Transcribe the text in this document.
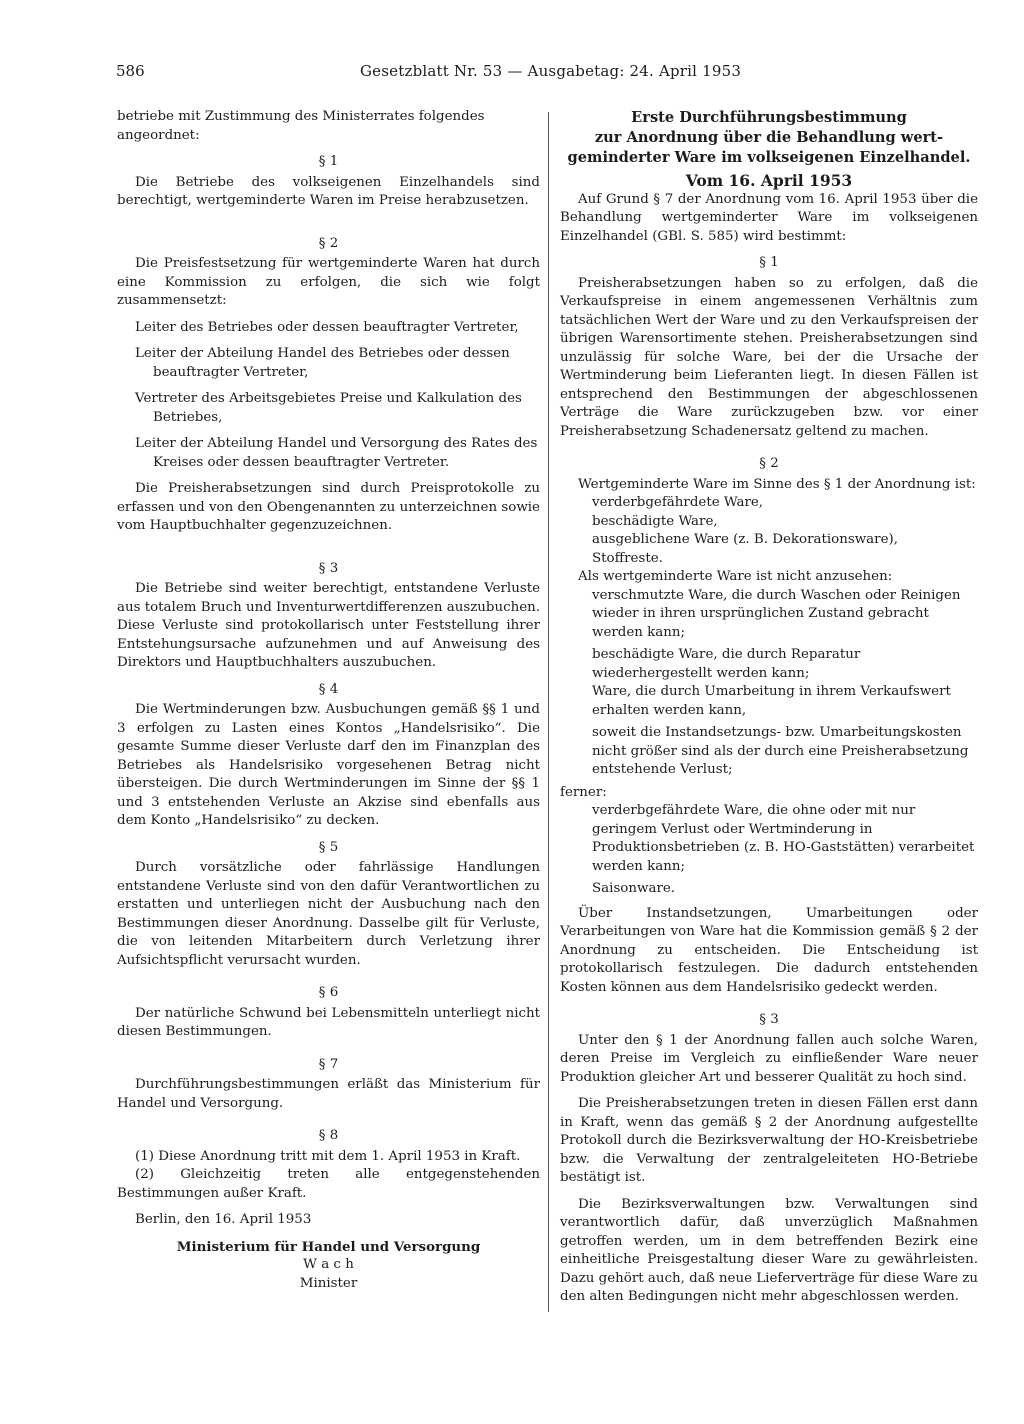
586	Gesetzblatt Nr. 53 — Ausgabetag: 24. April 1953

betriebe mit Zustimmung des Ministerrates folgendes angeordnet:

§ 1

Die Betriebe des volkseigenen Einzelhandels sind berechtigt, wertgeminderte Waren im Preise herabzusetzen.

§ 2

Die Preisfestsetzung für wertgeminderte Waren hat durch eine Kommission zu erfolgen, die sich wie folgt zusammensetzt:

Leiter des Betriebes oder dessen beauftragter Vertreter,

Leiter der Abteilung Handel des Betriebes oder dessen beauftragter Vertreter,

Vertreter des Arbeitsgebietes Preise und Kalkulation des Betriebes,

Leiter der Abteilung Handel und Versorgung des Rates des Kreises oder dessen beauftragter Vertreter.

Die Preisherabsetzungen sind durch Preisprotokolle zu erfassen und von den Obengenannten zu unterzeichnen sowie vom Hauptbuchhalter gegenzuzeichnen.

§ 3

Die Betriebe sind weiter berechtigt, entstandene Verluste aus totalem Bruch und Inventurwertdifferenzen auszubuchen. Diese Verluste sind protokollarisch unter Feststellung ihrer Entstehungsursache aufzunehmen und auf Anweisung des Direktors und Hauptbuchhalters auszubuchen.

§ 4

Die Wertminderungen bzw. Ausbuchungen gemäß §§ 1 und 3 erfolgen zu Lasten eines Kontos „Handelsrisiko“. Die gesamte Summe dieser Verluste darf den im Finanzplan des Betriebes als Handelsrisiko vorgesehenen Betrag nicht übersteigen. Die durch Wertminderungen im Sinne der §§ 1 und 3 entstehenden Verluste an Akzise sind ebenfalls aus dem Konto „Handelsrisiko“ zu decken.

§ 5

Durch vorsätzliche oder fahrlässige Handlungen entstandene Verluste sind von den dafür Verantwortlichen zu erstatten und unterliegen nicht der Ausbuchung nach den Bestimmungen dieser Anordnung. Dasselbe gilt für Verluste, die von leitenden Mitarbeitern durch Verletzung ihrer Aufsichtspflicht verursacht wurden.

§ 6

Der natürliche Schwund bei Lebensmitteln unterliegt nicht diesen Bestimmungen.

§ 7

Durchführungsbestimmungen erläßt das Ministerium für Handel und Versorgung.

§ 8

(1) Diese Anordnung tritt mit dem 1. April 1953 in Kraft.

(2) Gleichzeitig treten alle entgegenstehenden Bestimmungen außer Kraft.

Berlin, den 16. April 1953

Ministerium für Handel und Versorgung

W a c h

Minister

Erste Durchführungsbestimmung

zur Anordnung über die Behandlung wert-

geminderter Ware im volkseigenen Einzelhandel.

Vom 16. April 1953

Auf Grund § 7 der Anordnung vom 16. April 1953 über die Behandlung wertgeminderter Ware im volkseigenen Einzelhandel (GBl. S. 585) wird bestimmt:

§ 1

Preisherabsetzungen haben so zu erfolgen, daß die Verkaufspreise in einem angemessenen Verhältnis zum tatsächlichen Wert der Ware und zu den Verkaufspreisen der übrigen Warensortimente stehen. Preisherabsetzungen sind unzulässig für solche Ware, bei der die Ursache der Wertminderung beim Lieferanten liegt. In diesen Fällen ist entsprechend den Bestimmungen der abgeschlossenen Verträge die Ware zurückzugeben bzw. vor einer Preisherabsetzung Schadenersatz geltend zu machen.

§ 2

Wertgeminderte Ware im Sinne des § 1 der Anordnung ist:

verderbgefährdete Ware,

beschädigte Ware,

ausgeblichene Ware (z. B. Dekorationsware),

Stoffreste.

Als wertgeminderte Ware ist nicht anzusehen:

verschmutzte Ware, die durch Waschen oder Reinigen wieder in ihren ursprünglichen Zustand gebracht werden kann;

beschädigte Ware, die durch Reparatur wiederhergestellt werden kann;

Ware, die durch Umarbeitung in ihrem Verkaufswert erhalten werden kann,

soweit die Instandsetzungs- bzw. Umarbeitungskosten nicht größer sind als der durch eine Preisherabsetzung entstehende Verlust;

ferner:

verderbgefährdete Ware, die ohne oder mit nur geringem Verlust oder Wertminderung in Produktionsbetrieben (z. B. HO-Gaststätten) verarbeitet werden kann;

Saisonware.

Über Instandsetzungen, Umarbeitungen oder Verarbeitungen von Ware hat die Kommission gemäß § 2 der Anordnung zu entscheiden. Die Entscheidung ist protokollarisch festzulegen. Die dadurch entstehenden Kosten können aus dem Handelsrisiko gedeckt werden.

§ 3

Unter den § 1 der Anordnung fallen auch solche Waren, deren Preise im Vergleich zu einfließender Ware neuer Produktion gleicher Art und besserer Qualität zu hoch sind.

Die Preisherabsetzungen treten in diesen Fällen erst dann in Kraft, wenn das gemäß § 2 der Anordnung aufgestellte Protokoll durch die Bezirksverwaltung der HO-Kreisbetriebe bzw. die Verwaltung der zentralgeleiteten HO-Betriebe bestätigt ist.

Die Bezirksverwaltungen bzw. Verwaltungen sind verantwortlich dafür, daß unverzüglich Maßnahmen getroffen werden, um in dem betreffenden Bezirk eine einheitliche Preisgestaltung dieser Ware zu gewährleisten. Dazu gehört auch, daß neue Lieferverträge für diese Ware zu den alten Bedingungen nicht mehr abgeschlossen werden.
